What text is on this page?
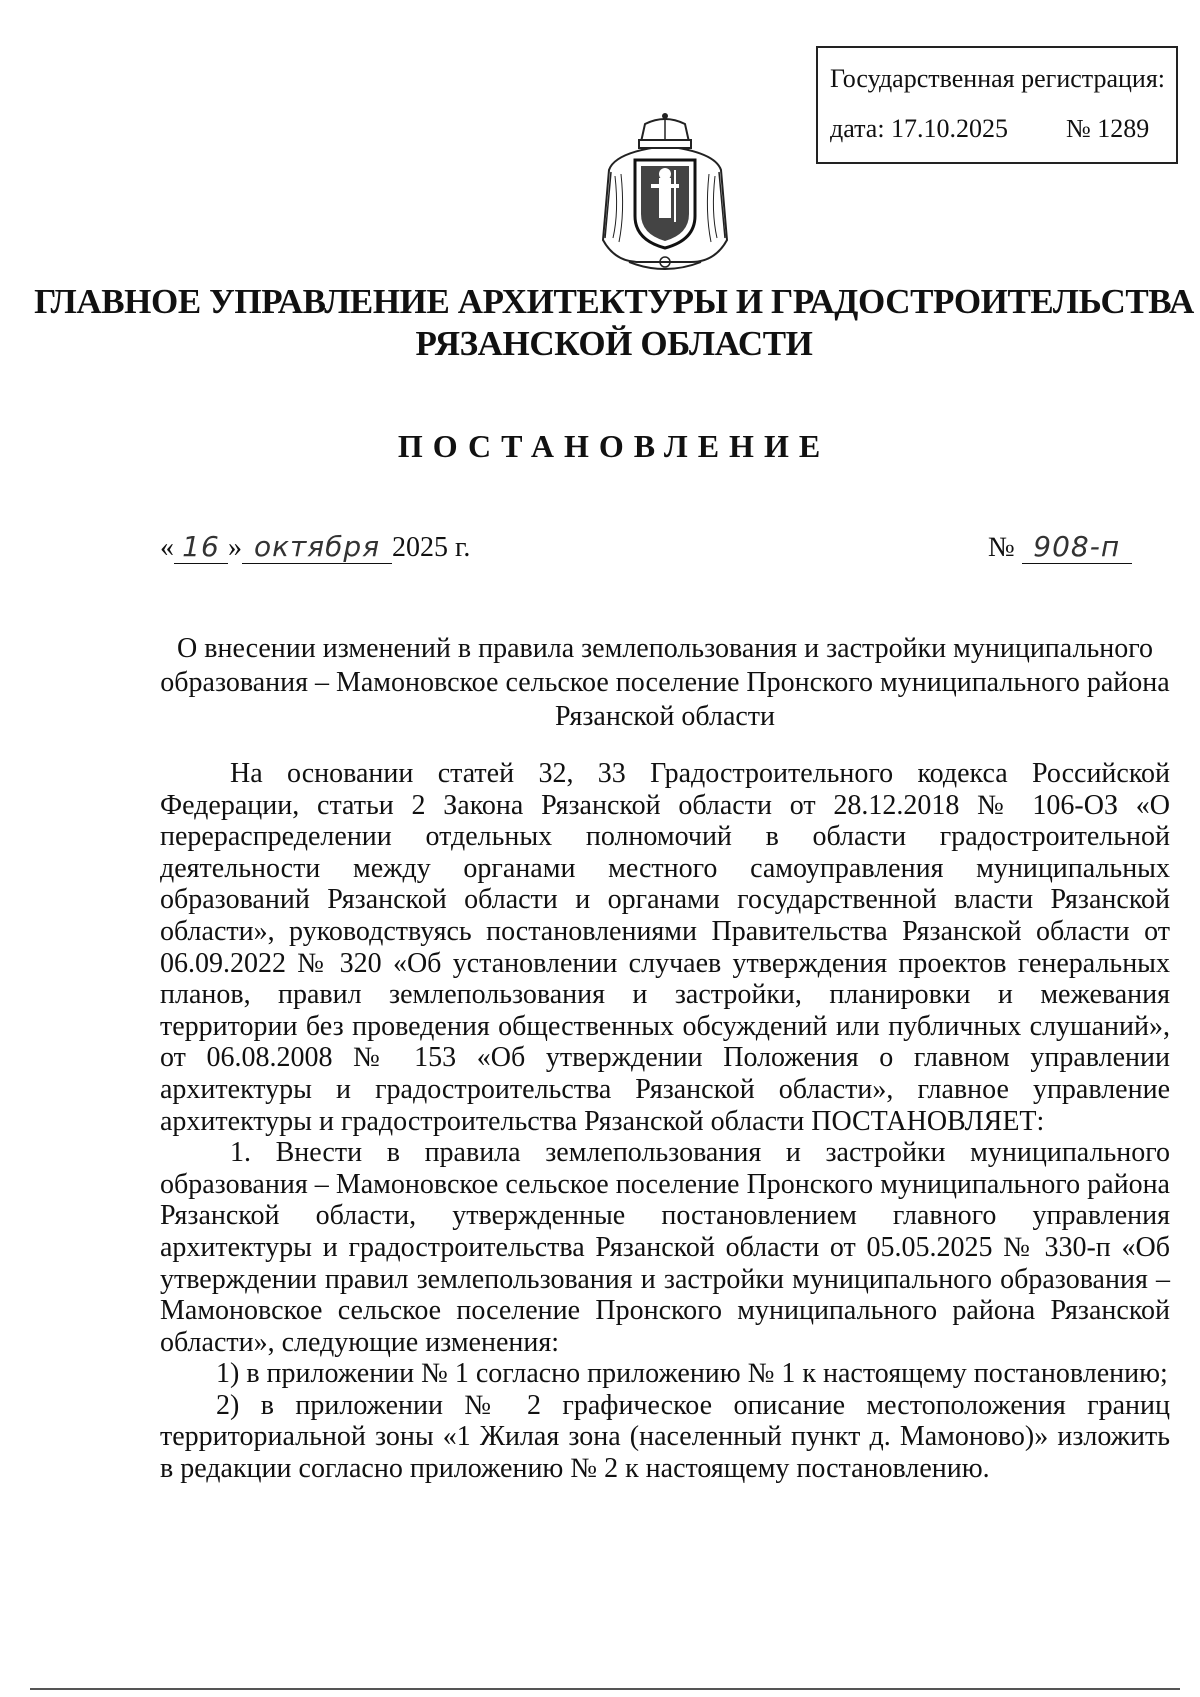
Государственная регистрация:
дата: 17.10.2025 № 1289
ГЛАВНОЕ УПРАВЛЕНИЕ АРХИТЕКТУРЫ И ГРАДОСТРОИТЕЛЬСТВА
РЯЗАНСКОЙ ОБЛАСТИ
ПОСТАНОВЛЕНИЕ
« 16 » октября 2025 г.	№ 908-п
О внесении изменений в правила землепользования и застройки муниципального образования – Мамоновское сельское поселение Пронского муниципального района Рязанской области

На основании статей 32, 33 Градостроительного кодекса Российской Федерации, статьи 2 Закона Рязанской области от 28.12.2018 № 106-ОЗ «О перераспределении отдельных полномочий в области градостроительной деятельности между органами местного самоуправления муниципальных образований Рязанской области и органами государственной власти Рязанской области», руководствуясь постановлениями Правительства Рязанской области от 06.09.2022 № 320 «Об установлении случаев утверждения проектов генеральных планов, правил землепользования и застройки, планировки и межевания территории без проведения общественных обсуждений или публичных слушаний», от 06.08.2008 № 153 «Об утверждении Положения о главном управлении архитектуры и градостроительства Рязанской области», главное управление архитектуры и градостроительства Рязанской области ПОСТАНОВЛЯЕТ:

1. Внести в правила землепользования и застройки муниципального образования – Мамоновское сельское поселение Пронского муниципального района Рязанской области, утвержденные постановлением главного управления архитектуры и градостроительства Рязанской области от 05.05.2025 № 330-п «Об утверждении правил землепользования и застройки муниципального образования – Мамоновское сельское поселение Пронского муниципального района Рязанской области», следующие изменения:

1) в приложении № 1 согласно приложению № 1 к настоящему постановлению;

2) в приложении № 2 графическое описание местоположения границ территориальной зоны «1 Жилая зона (населенный пункт д. Мамоново)» изложить в редакции согласно приложению № 2 к настоящему постановлению.
